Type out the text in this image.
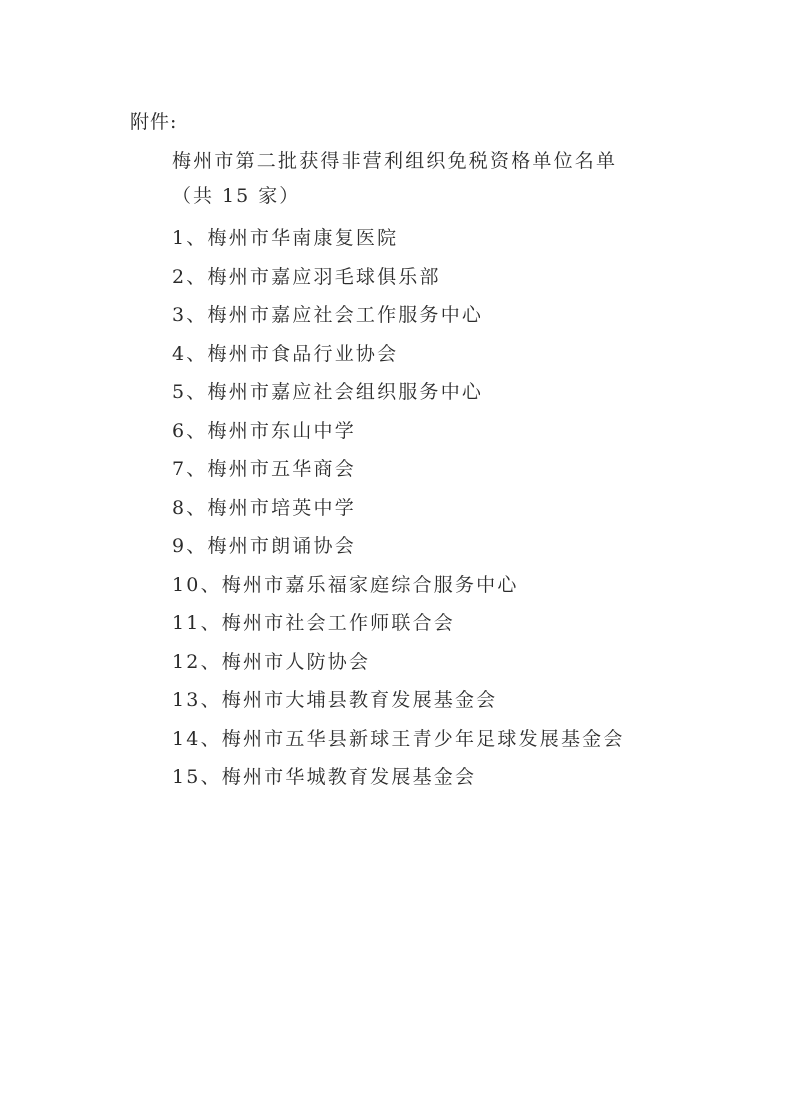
附件:
梅州市第二批获得非营利组织免税资格单位名单
（共 15 家）
1、梅州市华南康复医院
2、梅州市嘉应羽毛球俱乐部
3、梅州市嘉应社会工作服务中心
4、梅州市食品行业协会
5、梅州市嘉应社会组织服务中心
6、梅州市东山中学
7、梅州市五华商会
8、梅州市培英中学
9、梅州市朗诵协会
10、梅州市嘉乐福家庭综合服务中心
11、梅州市社会工作师联合会
12、梅州市人防协会
13、梅州市大埔县教育发展基金会
14、梅州市五华县新球王青少年足球发展基金会
15、梅州市华城教育发展基金会
